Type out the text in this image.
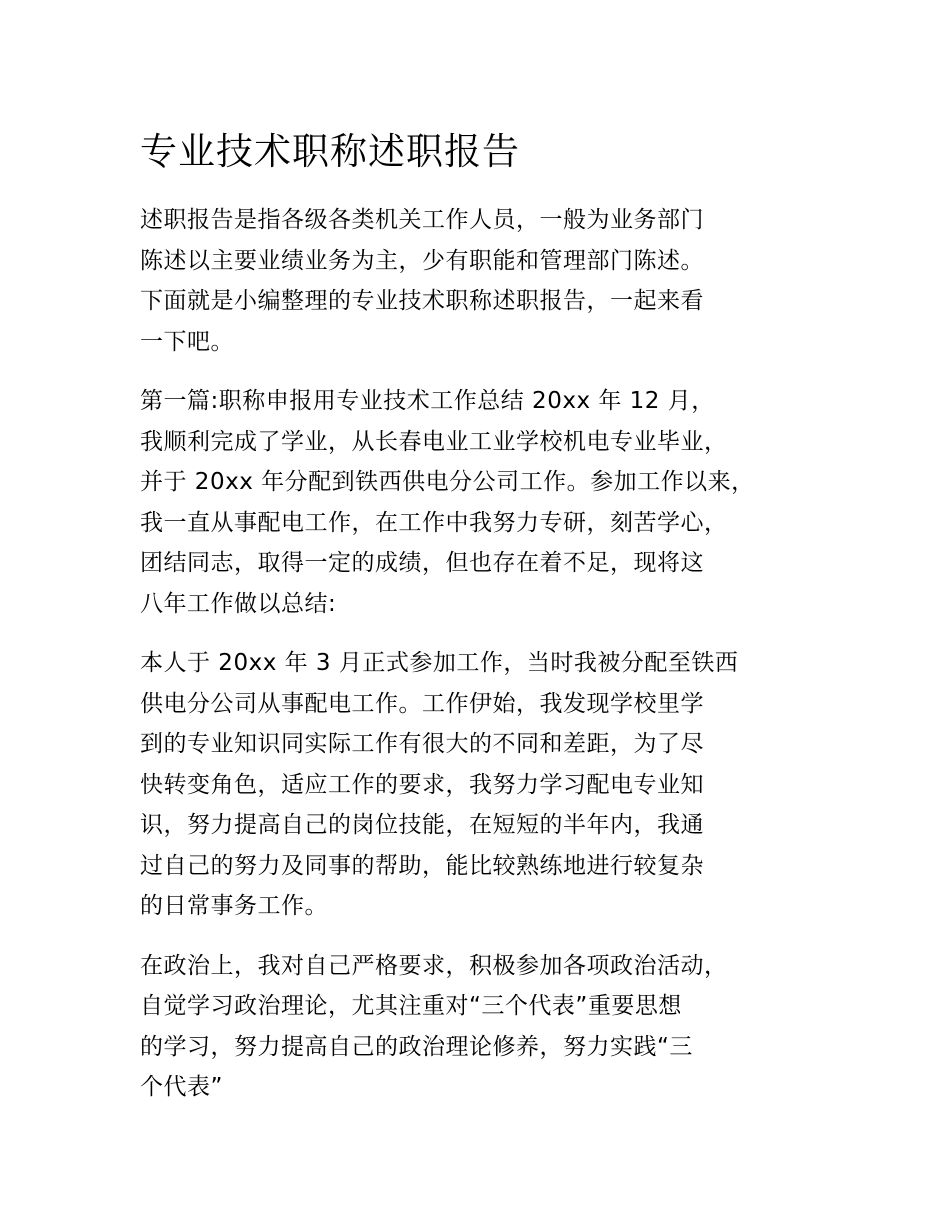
专业技术职称述职报告
述职报告是指各级各类机关工作人员，一般为业务部门
陈述以主要业绩业务为主，少有职能和管理部门陈述。
下面就是小编整理的专业技术职称述职报告，一起来看
一下吧。
第一篇:职称申报用专业技术工作总结 20xx 年 12 月，
我顺利完成了学业，从长春电业工业学校机电专业毕业，
并于 20xx 年分配到铁西供电分公司工作。参加工作以来，
我一直从事配电工作，在工作中我努力专研，刻苦学心，
团结同志，取得一定的成绩，但也存在着不足，现将这
八年工作做以总结:
本人于 20xx 年 3 月正式参加工作，当时我被分配至铁西
供电分公司从事配电工作。工作伊始，我发现学校里学
到的专业知识同实际工作有很大的不同和差距，为了尽
快转变角色，适应工作的要求，我努力学习配电专业知
识，努力提高自己的岗位技能，在短短的半年内，我通
过自己的努力及同事的帮助，能比较熟练地进行较复杂
的日常事务工作。
在政治上，我对自己严格要求，积极参加各项政治活动，
自觉学习政治理论，尤其注重对“三个代表”重要思想
的学习，努力提高自己的政治理论修养，努力实践“三
个代表”
